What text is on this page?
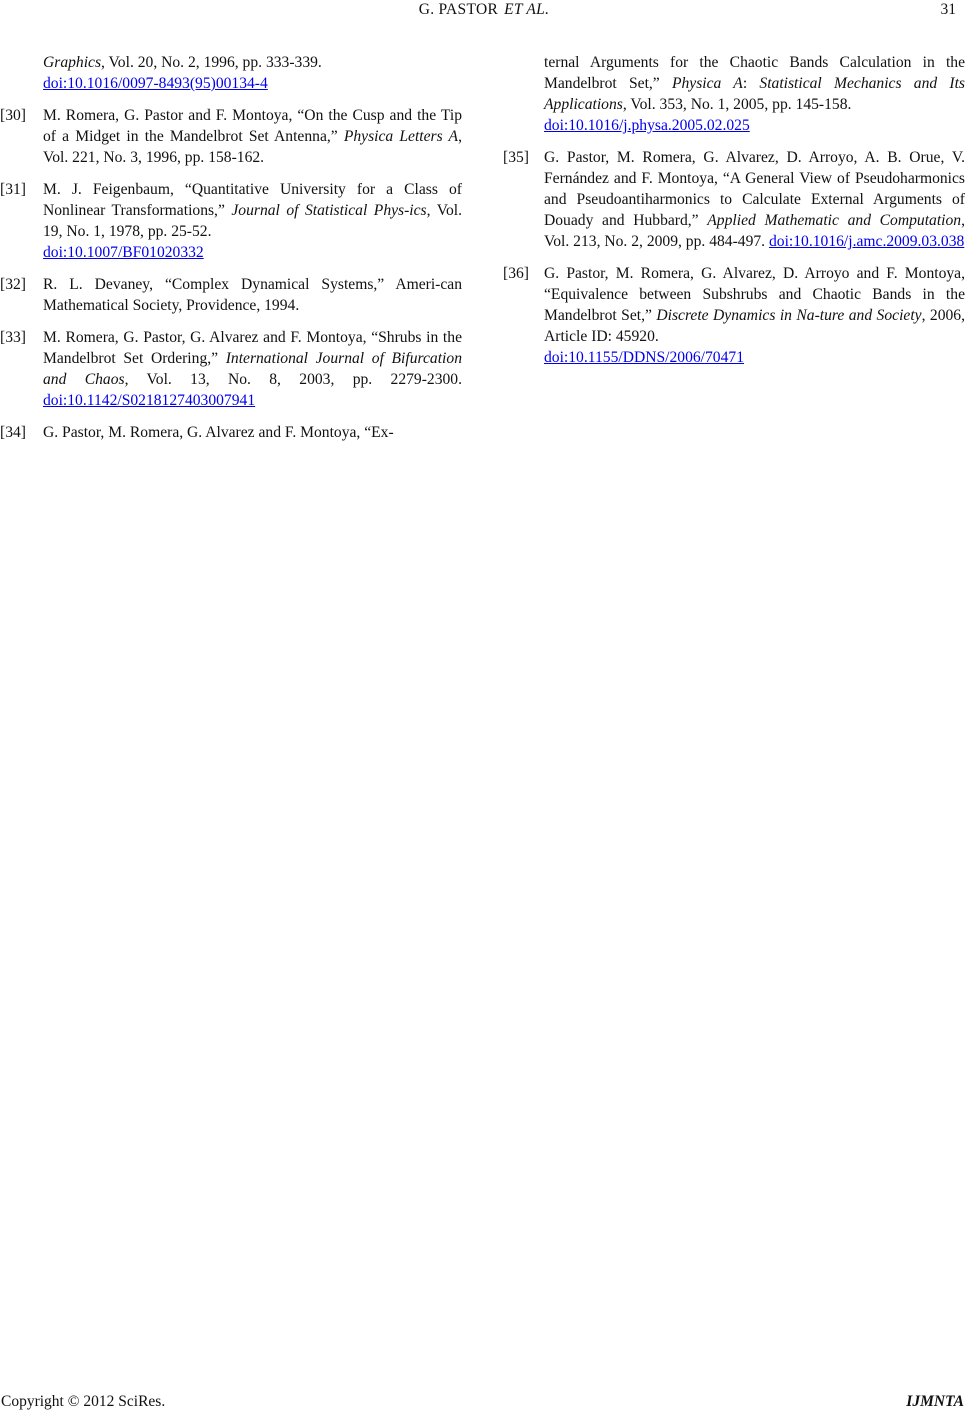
G. PASTOR ET AL.	31
Graphics, Vol. 20, No. 2, 1996, pp. 333-339.
doi:10.1016/0097-8493(95)00134-4
[30] M. Romera, G. Pastor and F. Montoya, “On the Cusp and the Tip of a Midget in the Mandelbrot Set Antenna,” Physica Letters A, Vol. 221, No. 3, 1996, pp. 158-162.
[31] M. J. Feigenbaum, “Quantitative University for a Class of Nonlinear Transformations,” Journal of Statistical Phys-ics, Vol. 19, No. 1, 1978, pp. 25-52.
doi:10.1007/BF01020332
[32] R. L. Devaney, “Complex Dynamical Systems,” Ameri-can Mathematical Society, Providence, 1994.
[33] M. Romera, G. Pastor, G. Alvarez and F. Montoya, “Shrubs in the Mandelbrot Set Ordering,” International Journal of Bifurcation and Chaos, Vol. 13, No. 8, 2003, pp. 2279-2300. doi:10.1142/S0218127403007941
[34] G. Pastor, M. Romera, G. Alvarez and F. Montoya, “Ex-
ternal Arguments for the Chaotic Bands Calculation in the Mandelbrot Set,” Physica A: Statistical Mechanics and Its Applications, Vol. 353, No. 1, 2005, pp. 145-158.
doi:10.1016/j.physa.2005.02.025
[35] G. Pastor, M. Romera, G. Alvarez, D. Arroyo, A. B. Orue, V. Fernández and F. Montoya, “A General View of Pseudoharmonics and Pseudoantiharmonics to Calculate External Arguments of Douady and Hubbard,” Applied Mathematic and Computation, Vol. 213, No. 2, 2009, pp. 484-497. doi:10.1016/j.amc.2009.03.038
[36] G. Pastor, M. Romera, G. Alvarez, D. Arroyo and F. Montoya, “Equivalence between Subshrubs and Chaotic Bands in the Mandelbrot Set,” Discrete Dynamics in Na-ture and Society, 2006, Article ID: 45920.
doi:10.1155/DDNS/2006/70471
Copyright © 2012 SciRes.	IJMNTA
